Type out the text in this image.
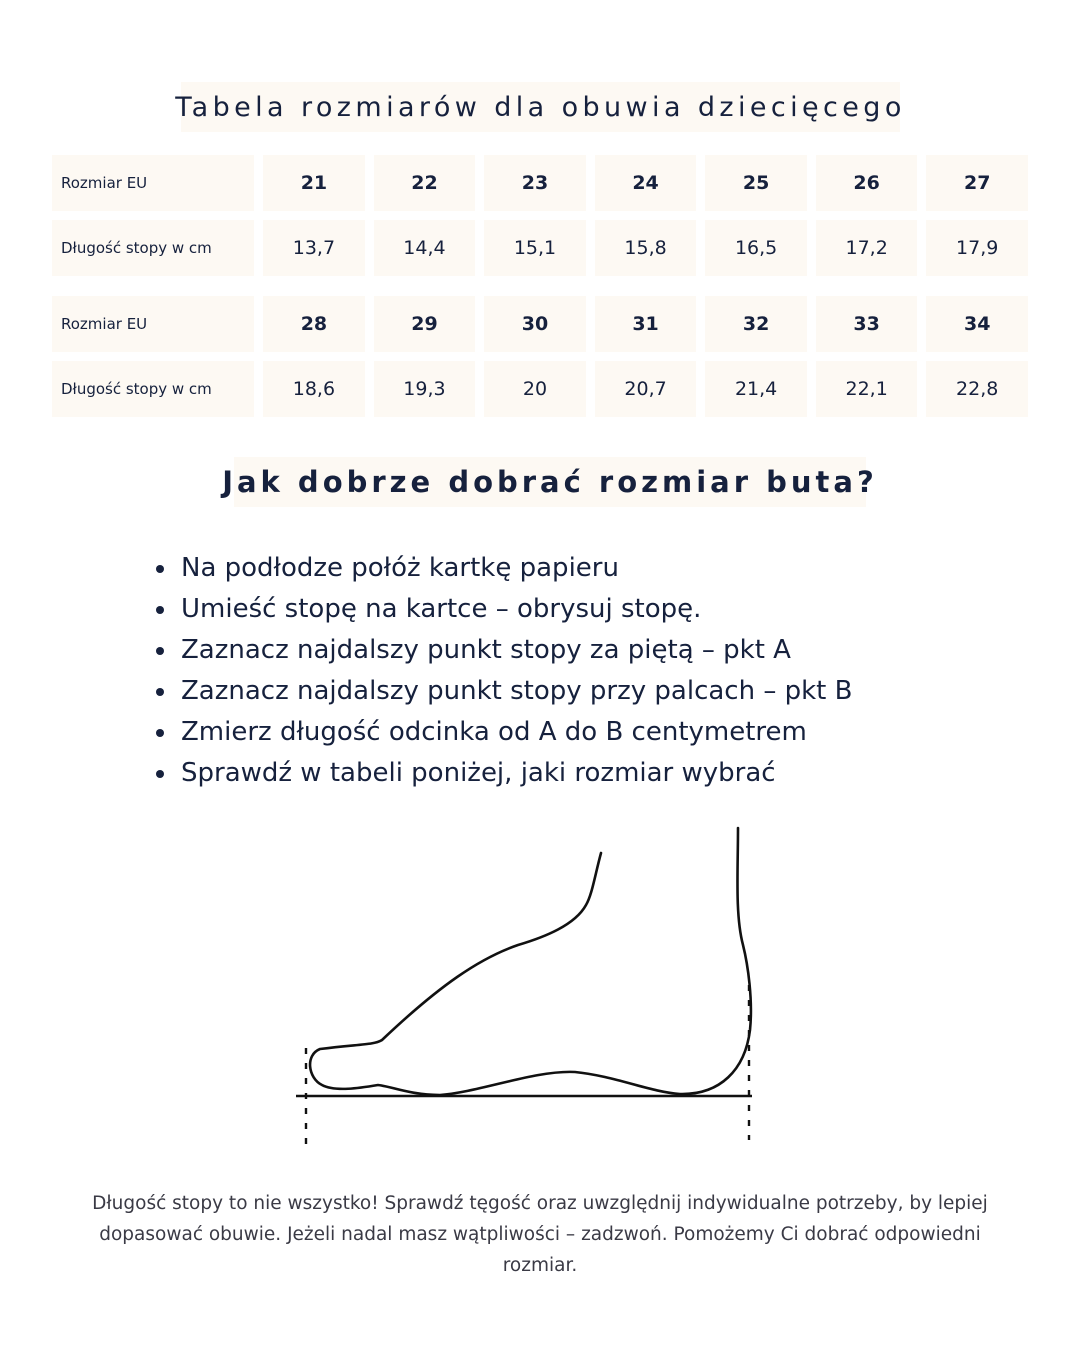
Tabela rozmiarów dla obuwia dziecięcego
Rozmiar EU	21	22	23	24	25	26	27
Długość stopy w cm	13,7	14,4	15,1	15,8	16,5	17,2	17,9
Rozmiar EU	28	29	30	31	32	33	34
Długość stopy w cm	18,6	19,3	20	20,7	21,4	22,1	22,8
Jak dobrze dobrać rozmiar buta?
Na podłodze połóż kartkę papieru
Umieść stopę na kartce – obrysuj stopę.
Zaznacz najdalszy punkt stopy za piętą – pkt A
Zaznacz najdalszy punkt stopy przy palcach – pkt B
Zmierz długość odcinka od A do B centymetrem
Sprawdź w tabeli poniżej, jaki rozmiar wybrać

Długość stopy to nie wszystko! Sprawdź tęgość oraz uwzględnij indywidualne potrzeby, by lepiej dopasować obuwie. Jeżeli nadal masz wątpliwości – zadzwoń. Pomożemy Ci dobrać odpowiedni rozmiar.
